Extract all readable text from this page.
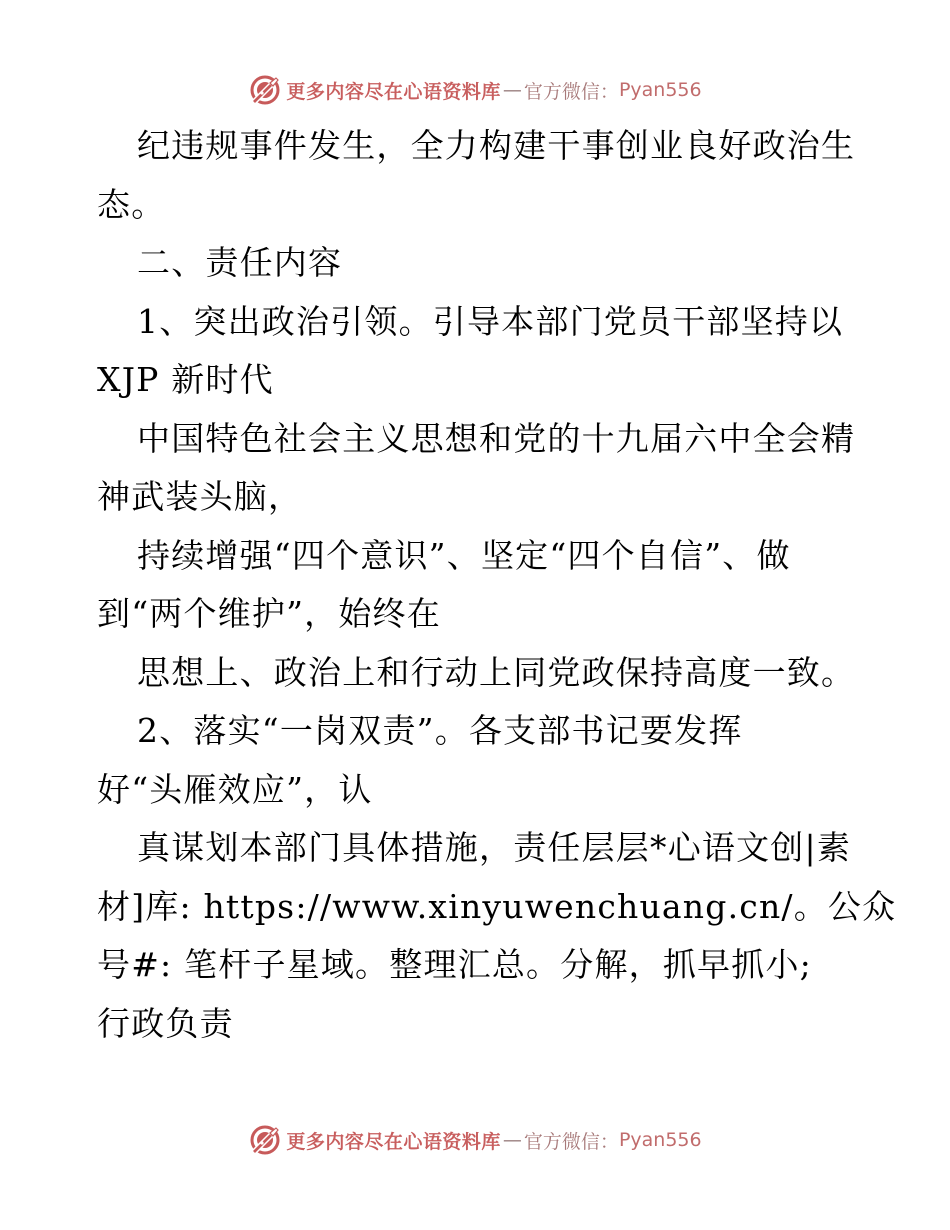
更多内容尽在心语资料库 — 官方微信： Pyan556

纪违规事件发生，全力构建干事创业良好政治生

态。

二、责任内容

1、突出政治引领。引导本部门党员干部坚持以

XJP 新时代

中国特色社会主义思想和党的十九届六中全会精

神武装头脑，

持续增强“四个意识”、坚定“四个自信”、做

到“两个维护”，始终在

思想上、政治上和行动上同党政保持高度一致。

2、落实“一岗双责”。各支部书记要发挥

好“头雁效应”，认

真谋划本部门具体措施，责任层层*心语文创|素

材]库: https://www.xinyuwenchuang.cn/。公众

号#: 笔杆子星域。整理汇总。分解，抓早抓小;

行政负责

更多内容尽在心语资料库 — 官方微信： Pyan556
